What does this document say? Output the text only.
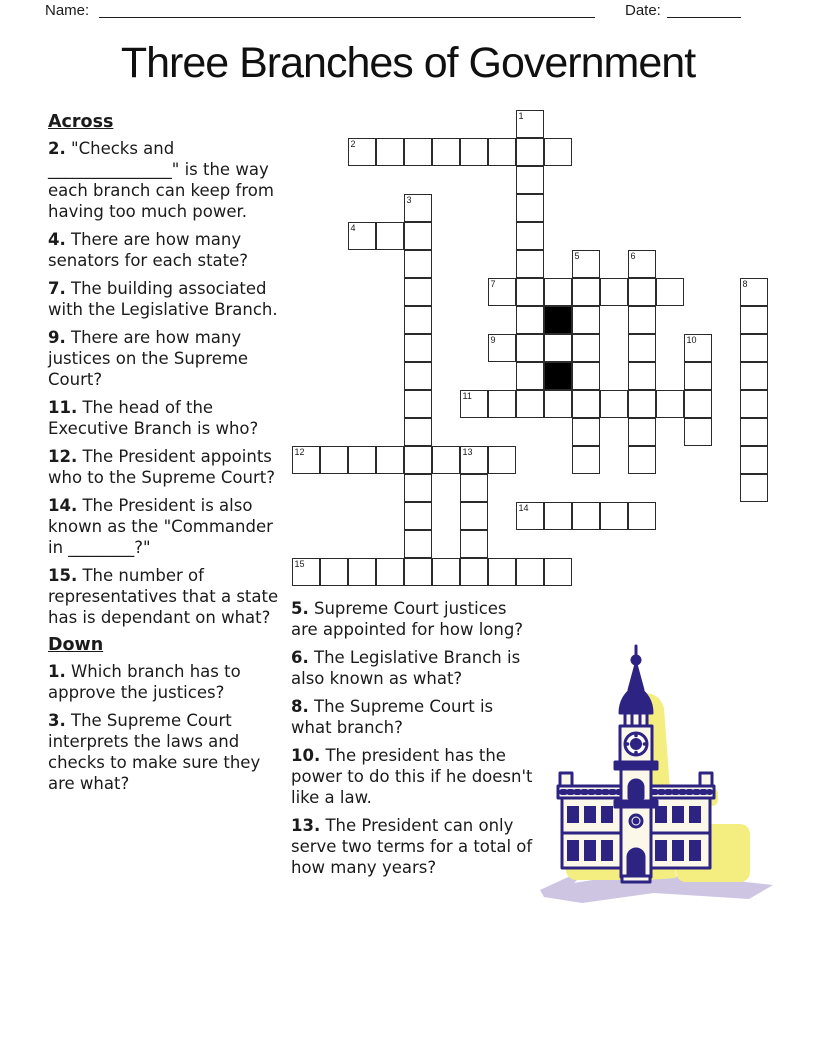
Name:	Date:
Three Branches of Government
1
2
3
4
5	6
7	8
9	10
11
12	13
14
15

Across

2. "Checks and _______________" is the way each branch can keep from having too much power.

4. There are how many senators for each state?

7. The building associated with the Legislative Branch.

9. There are how many justices on the Supreme Court?

11. The head of the Executive Branch is who?

12. The President appoints who to the Supreme Court?

14. The President is also known as the "Commander in ________?"

15. The number of representatives that a state has is dependant on what?

Down

1. Which branch has to approve the justices?

3. The Supreme Court interprets the laws and checks to make sure they are what?

5. Supreme Court justices are appointed for how long?

6. The Legislative Branch is also known as what?

8. The Supreme Court is what branch?

10. The president has the power to do this if he doesn't like a law.

13. The President can only serve two terms for a total of how many years?
